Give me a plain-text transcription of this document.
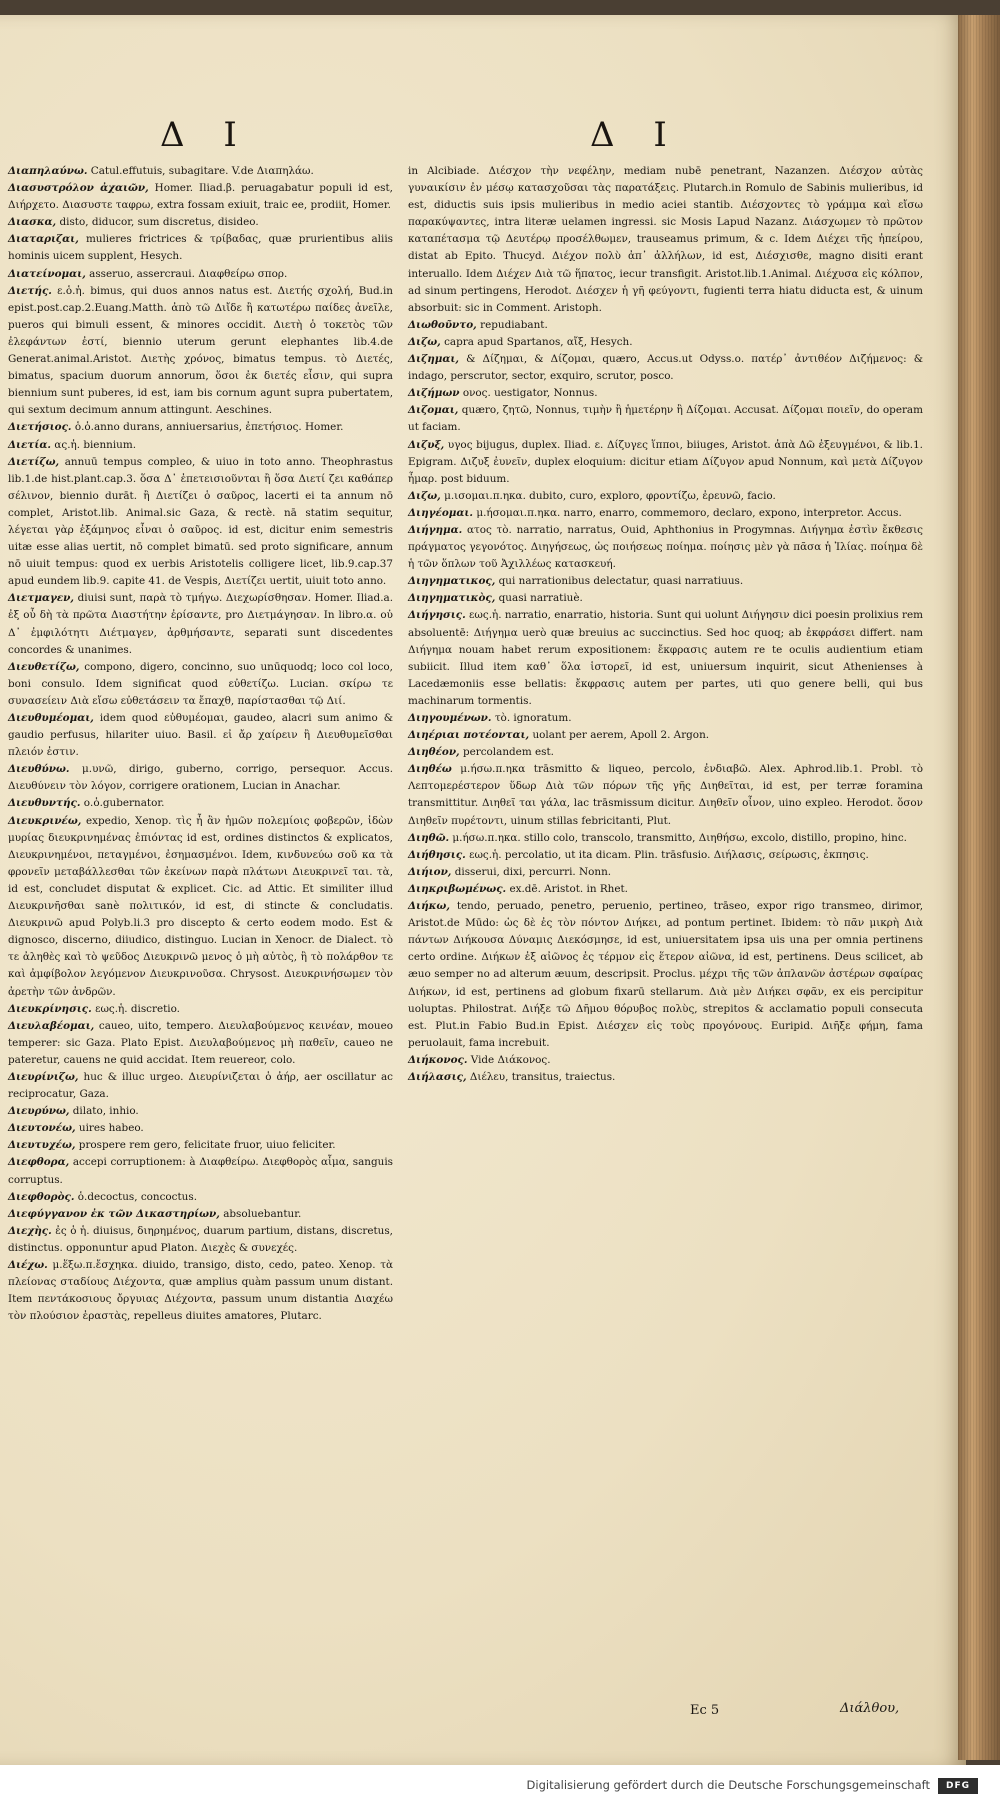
Δ I	Δ I

Διαπηλαύνω. Catul.effutuis, subagitare. V.de Διαπηλάω.

Διασυστρόλον ἀχαιῶν, Homer. Iliad.β. peruagabatur populi id est, Διήρχετο. Διασυστε ταφρω, extra fossam exiuit, traic ee, prodiit, Homer.

Διασκα, disto, diducor, sum discretus, disideo.

Διαταριζαι, mulieres frictrices & τρίβαδας, quæ prurientibus aliis hominis uicem supplent, Hesych.

Διατείνομαι, asseruo, assercraui. Διαφθείρω σπορ.

Διετής. ε.ὁ.ἡ. bimus, qui duos annos natus est. Διετής σχολή, Bud.in epist.post.cap.2.Euang.Matth. ἀπὸ τῶ Διἴδε ἢ κατωτέρω παίδες ἀνεῖλε, pueros qui bimuli essent, & minores occidit. Διετὴ ὁ τοκετὸς τῶν ἐλεφάντων ἐστί, biennio uterum gerunt elephantes lib.4.de Generat.animal.Aristot. Διετὴς χρόνος, bimatus tempus. τὸ Διετές, bimatus, spacium duorum annorum, ὅσοι ἐκ διετές εἶσιν, qui supra biennium sunt puberes, id est, iam bis cornum agunt supra pubertatem, qui sextum decimum annum attingunt. Aeschines.

Διετήσιος. ὁ.ὁ.anno durans, anniuersarius, ἐπετήσιος. Homer.

Διετία. ας.ἡ. biennium.

Διετίζω, annuū tempus compleo, & uiuo in toto anno. Theophrastus lib.1.de hist.plant.cap.3. ὅσα Δ᾽ ἐπετεισιοῦνται ἢ ὅσα Διετί ζει καθάπερ σέλινον, biennio durāt. ἢ Διετίζει ὁ σαῦρος, lacerti ei ta annum nō complet, Aristot.lib. Animal.sic Gaza, & rectè. nā statim sequitur, λέγεται γὰρ ἐξάμηνος εἶναι ὁ σαῦρος. id est, dicitur enim semestris uitæ esse alias uertit, nō complet bimatū. sed proto significare, annum nō uiuit tempus: quod ex uerbis Aristotelis colligere licet, lib.9.cap.37 apud eundem lib.9. capite 41. de Vespis, Διετίζει uertit, uiuit toto anno.

Διετμαγεν, diuisi sunt, παρὰ τὸ τμήγω. Διεχωρίσθησαν. Homer. Iliad.a. ἐξ οὗ δὴ τὰ πρῶτα Διαστήτην ἐρίσαντε, pro Διετμάγησαν. In libro.α. οὐ Δ᾽ ἐμφιλότητι Διέτμαγεν, ἀρθμήσαντε, separati sunt discedentes concordes & unanimes.

Διευθετίζω, compono, digero, concinno, suo unūquodq; loco col loco, boni consulo. Idem significat quod εὐθετίζω. Lucian. σκίρω τε συνασείειν Διὰ εἴσω εὐθετάσειν τα ἔπαχθ, παρίστασθαι τῷ Διί.

Διευθυμέομαι, idem quod εὐθυμέομαι, gaudeo, alacri sum animo & gaudio perfusus, hilariter uiuo. Basil. εἰ ἄρ χαίρειν ἢ Διευθυμεῖσθαι πλειόν ἐστιν.

Διευθύνω. μ.υνῶ, dirigo, guberno, corrigo, persequor. Accus. Διευθύνειν τὸν λόγον, corrigere orationem, Lucian in Anachar.

Διευθυντής. ο.ὁ.gubernator.

Διευκρινέω, expedio, Xenop. τὶς ἦ ἂν ἡμῶν πολεμίοις φοβερῶν, ἰδὼν μυρίας διευκρινημένας ἐπιόντας id est, ordines distinctos & explicatos, Διευκρινημένοι, πεταγμένοι, ἐσημασμένοι. Idem, κινδυνεύω σοῦ κα τὰ φρονεῖν μεταβάλλεσθαι τῶν ἐκείνων παρὰ πλάτωνι Διευκρινεῖ ται. τὰ, id est, concludet disputat & explicet. Cic. ad Attic. Et similiter illud Διευκρινῆσθαι sanè πολιτικόν, id est, di stincte & concludatis. Διευκρινῶ apud Polyb.li.3 pro discepto & certo eodem modo. Est & dignosco, discerno, diiudico, distinguo. Lucian in Xenocr. de Dialect. τὸ τε ἀληθὲς καὶ τὸ ψεῦδος Διευκρινῶ μενος ὁ μὴ αὐτὸς, ἢ τὸ πολάρθον τε καὶ ἀμφίβολον λεγόμενον Διευκρινοῦσα. Chrysost. Διευκρινήσωμεν τὸν ἀρετὴν τῶν ἀνδρῶν.

Διευκρίνησις. εως.ἡ. discretio.

Διευλαβέομαι, caueo, uito, tempero. Διευλαβούμενος κεινέαν, moueo temperer: sic Gaza. Plato Epist. Διευλαβούμενος μὴ παθεῖν, caueo ne pateretur, cauens ne quid accidat. Item reuereor, colo.

Διευρίνιζω, huc & illuc urgeo. Διευρίνιζεται ὁ ἀήρ, aer oscillatur ac reciprocatur, Gaza.

Διευρύνω, dilato, inhio.

Διευτονέω, uires habeo.

Διευτυχέω, prospere rem gero, felicitate fruor, uiuo feliciter.

Διεφθορα, accepi corruptionem: à Διαφθείρω. Διεφθορὸς αἷμα, sanguis corruptus.

Διεφθορὸς. ὁ.decoctus, concoctus.

Διεφύγγανον ἐκ τῶν Δικαστηρίων, absoluebantur.

Διεχὴς. ἐς ὁ ἡ. diuisus, διηρημένος, duarum partium, distans, discretus, distinctus. opponuntur apud Platon. Διεχὲς & συνεχές.

Διέχω. μ.ἕξω.π.ἔσχηκα. diuido, transigo, disto, cedo, pateo. Xenop. τὰ πλείονας σταδίους Διέχοντα, quæ amplius quàm passum unum distant. Item πεντάκοσιους ὄργυιας Διέχοντα, passum unum distantia Διαχέω τὸν πλούσιον ἐραστὰς, repelleus diuites amatores, Plutarc.

in Alcibiade. Διέσχον τὴν νεφέλην, mediam nubē penetrant, Nazanzen. Διέσχον αὐτὰς γυναικίσιν ἐν μέσῳ κατασχοῦσαι τὰς παρατάξεις. Plutarch.in Romulo de Sabinis mulieribus, id est, diductis suis ipsis mulieribus in medio aciei stantib. Διέσχοντες τὸ γράμμα καὶ εἴσω παρακύψαντες, intra literæ uelamen ingressi. sic Mosis Lapud Nazanz. Διάσχωμεν τὸ πρῶτον καταπέτασμα τῷ Δευτέρῳ προσέλθωμεν, trauseamus primum, & c. Idem Διέχει τῆς ἠπείρου, distat ab Epito. Thucyd. Διέχον πολὺ ἀπ᾽ ἀλλήλων, id est, Διέσχισθε, magno disiti erant interuallo. Idem Διέχεν Διὰ τῶ ἥπατος, iecur transfigit. Aristot.lib.1.Animal. Διέχυσα εἰς κόλπον, ad sinum pertingens, Herodot. Διέσχεν ἡ γῆ φεύγοντι, fugienti terra hiatu diducta est, & uinum absorbuit: sic in Comment. Aristoph.

Διωθοῦντο, repudiabant.

Διζω, capra apud Spartanos, αἴξ, Hesych.

Διζημαι, & Δίζημαι, & Δίζομαι, quæro, Accus.ut Odyss.ο. πατέρ᾽ ἀντιθέον Διζήμενος: & indago, perscrutor, sector, exquiro, scrutor, posco.

Διζήμων ονος. uestigator, Nonnus.

Διζομαι, quæro, ζητῶ, Nonnus, τιμὴν ἢ ἡμετέρην ἢ Δίζομαι. Accusat. Δίζομαι ποιεῖν, do operam ut faciam.

Διζυξ, υγος bijugus, duplex. Iliad. ε. Δίζυγες ἵπποι, biiuges, Aristot. ἀπὰ Δῶ ἐξευγμένοι, & lib.1. Epigram. Διζυξ ἐυνεῖν, duplex eloquium: dicitur etiam Δίζυγον apud Nonnum, καὶ μετὰ Δίζυγον ἦμαρ. post biduum.

Διζω, μ.ισομαι.π.ηκα. dubito, curo, exploro, φροντίζω, ἐρευνῶ, facio.

Διηγέομαι. μ.ήσομαι.π.ηκα. narro, enarro, commemoro, declaro, expono, interpretor. Accus.

Διήγημα. ατος τὸ. narratio, narratus, Ouid, Aphthonius in Progymnas. Διήγημα ἐστὶν ἔκθεσις πράγματος γεγονότος. Διηγήσεως, ὡς ποιήσεως ποίημα. ποίησις μὲν γὰ πᾶσα ἡ Ἰλίας. ποίημα δὲ ἡ τῶν ὅπλων τοῦ Ἀχιλλέως κατασκευή.

Διηγηματικος, qui narrationibus delectatur, quasi narratiuus.

Διηγηματικὸς, quasi narratiuè.

Διήγησις. εως.ἡ. narratio, enarratio, historia. Sunt qui uolunt Διήγησιν dici poesin prolixius rem absoluentē: Διήγημα uerò quæ breuius ac succinctius. Sed hoc quoq; ab ἐκφράσει differt. nam Διήγημα nouam habet rerum expositionem: ἔκφρασις autem re te oculis audientium etiam subiicit. Illud item καθ᾽ ὅλα ἱστορεῖ, id est, uniuersum inquirit, sicut Athenienses à Lacedæmoniis esse bellatis: ἔκφρασις autem per partes, uti quo genere belli, qui bus machinarum tormentis.

Διηγουμένων. τὸ. ignoratum.

Διηέριαι ποτέονται, uolant per aerem, Apoll 2. Argon.

Διηθέον, percolandem est.

Διηθέω μ.ήσω.π.ηκα trāsmitto & liqueo, percolo, ἐνδιαβῶ. Alex. Aphrod.lib.1. Probl. τὸ Λεπτομερέστερον ὕδωρ Διὰ τῶν πόρων τῆς γῆς Διηθεῖται, id est, per terræ foramina transmittitur. Διηθεῖ ται γάλα, lac trāsmissum dicitur. Διηθεῖν οἶνον, uino expleo. Herodot. ὅσον Διηθεῖν πυρέτοντι, uinum stillas febricitanti, Plut.

Διηθῶ. μ.ήσω.π.ηκα. stillo colo, transcolo, transmitto, Διηθήσω, excolo, distillo, propino, hinc.

Διήθησις. εως.ἡ. percolatio, ut ita dicam. Plin. trāsfusio. Διήλασις, σείρωσις, ἐκπησις.

Διήιον, disserui, dixi, percurri. Nonn.

Διηκριβωμένως. ex.dē. Aristot. in Rhet.

Διήκω, tendo, peruado, penetro, peruenio, pertineo, trāseo, expor rigo transmeo, dirimor, Aristot.de Mūdo: ὡς δὲ ἐς τὸν πόντον Διήκει, ad pontum pertinet. Ibidem: τὸ πᾶν μικρὴ Διὰ πάντων Διήκουσα Δύναμις Διεκόσμησε, id est, uniuersitatem ipsa uis una per omnia pertinens certo ordine. Διήκων ἐξ αἰῶνος ἐς τέρμον εἰς ἕτερον αἰῶνα, id est, pertinens. Deus scilicet, ab æuo semper no ad alterum æuum, descripsit. Proclus. μέχρι τῆς τῶν ἀπλανῶν ἀστέρων σφαίρας Διήκων, id est, pertinens ad globum fixarū stellarum. Διὰ μὲν Διήκει σφᾶν, ex eis percipitur uoluptas. Philostrat. Διήξε τῶ Δῆμου θόρυβος πολὺς, strepitos & acclamatio populi consecuta est. Plut.in Fabio Bud.in Epist. Διέσχεν εἰς τοὺς προγόνους. Euripid. Διῆξε φήμη, fama peruolauit, fama increbuit.

Διήκονος. Vide Διάκονος.

Διήλασις, Διέλευ, transitus, traiectus.

Ec 5	Διάλθου,
Digitalisierung gefördert durch die Deutsche Forschungsgemeinschaft	DFG
